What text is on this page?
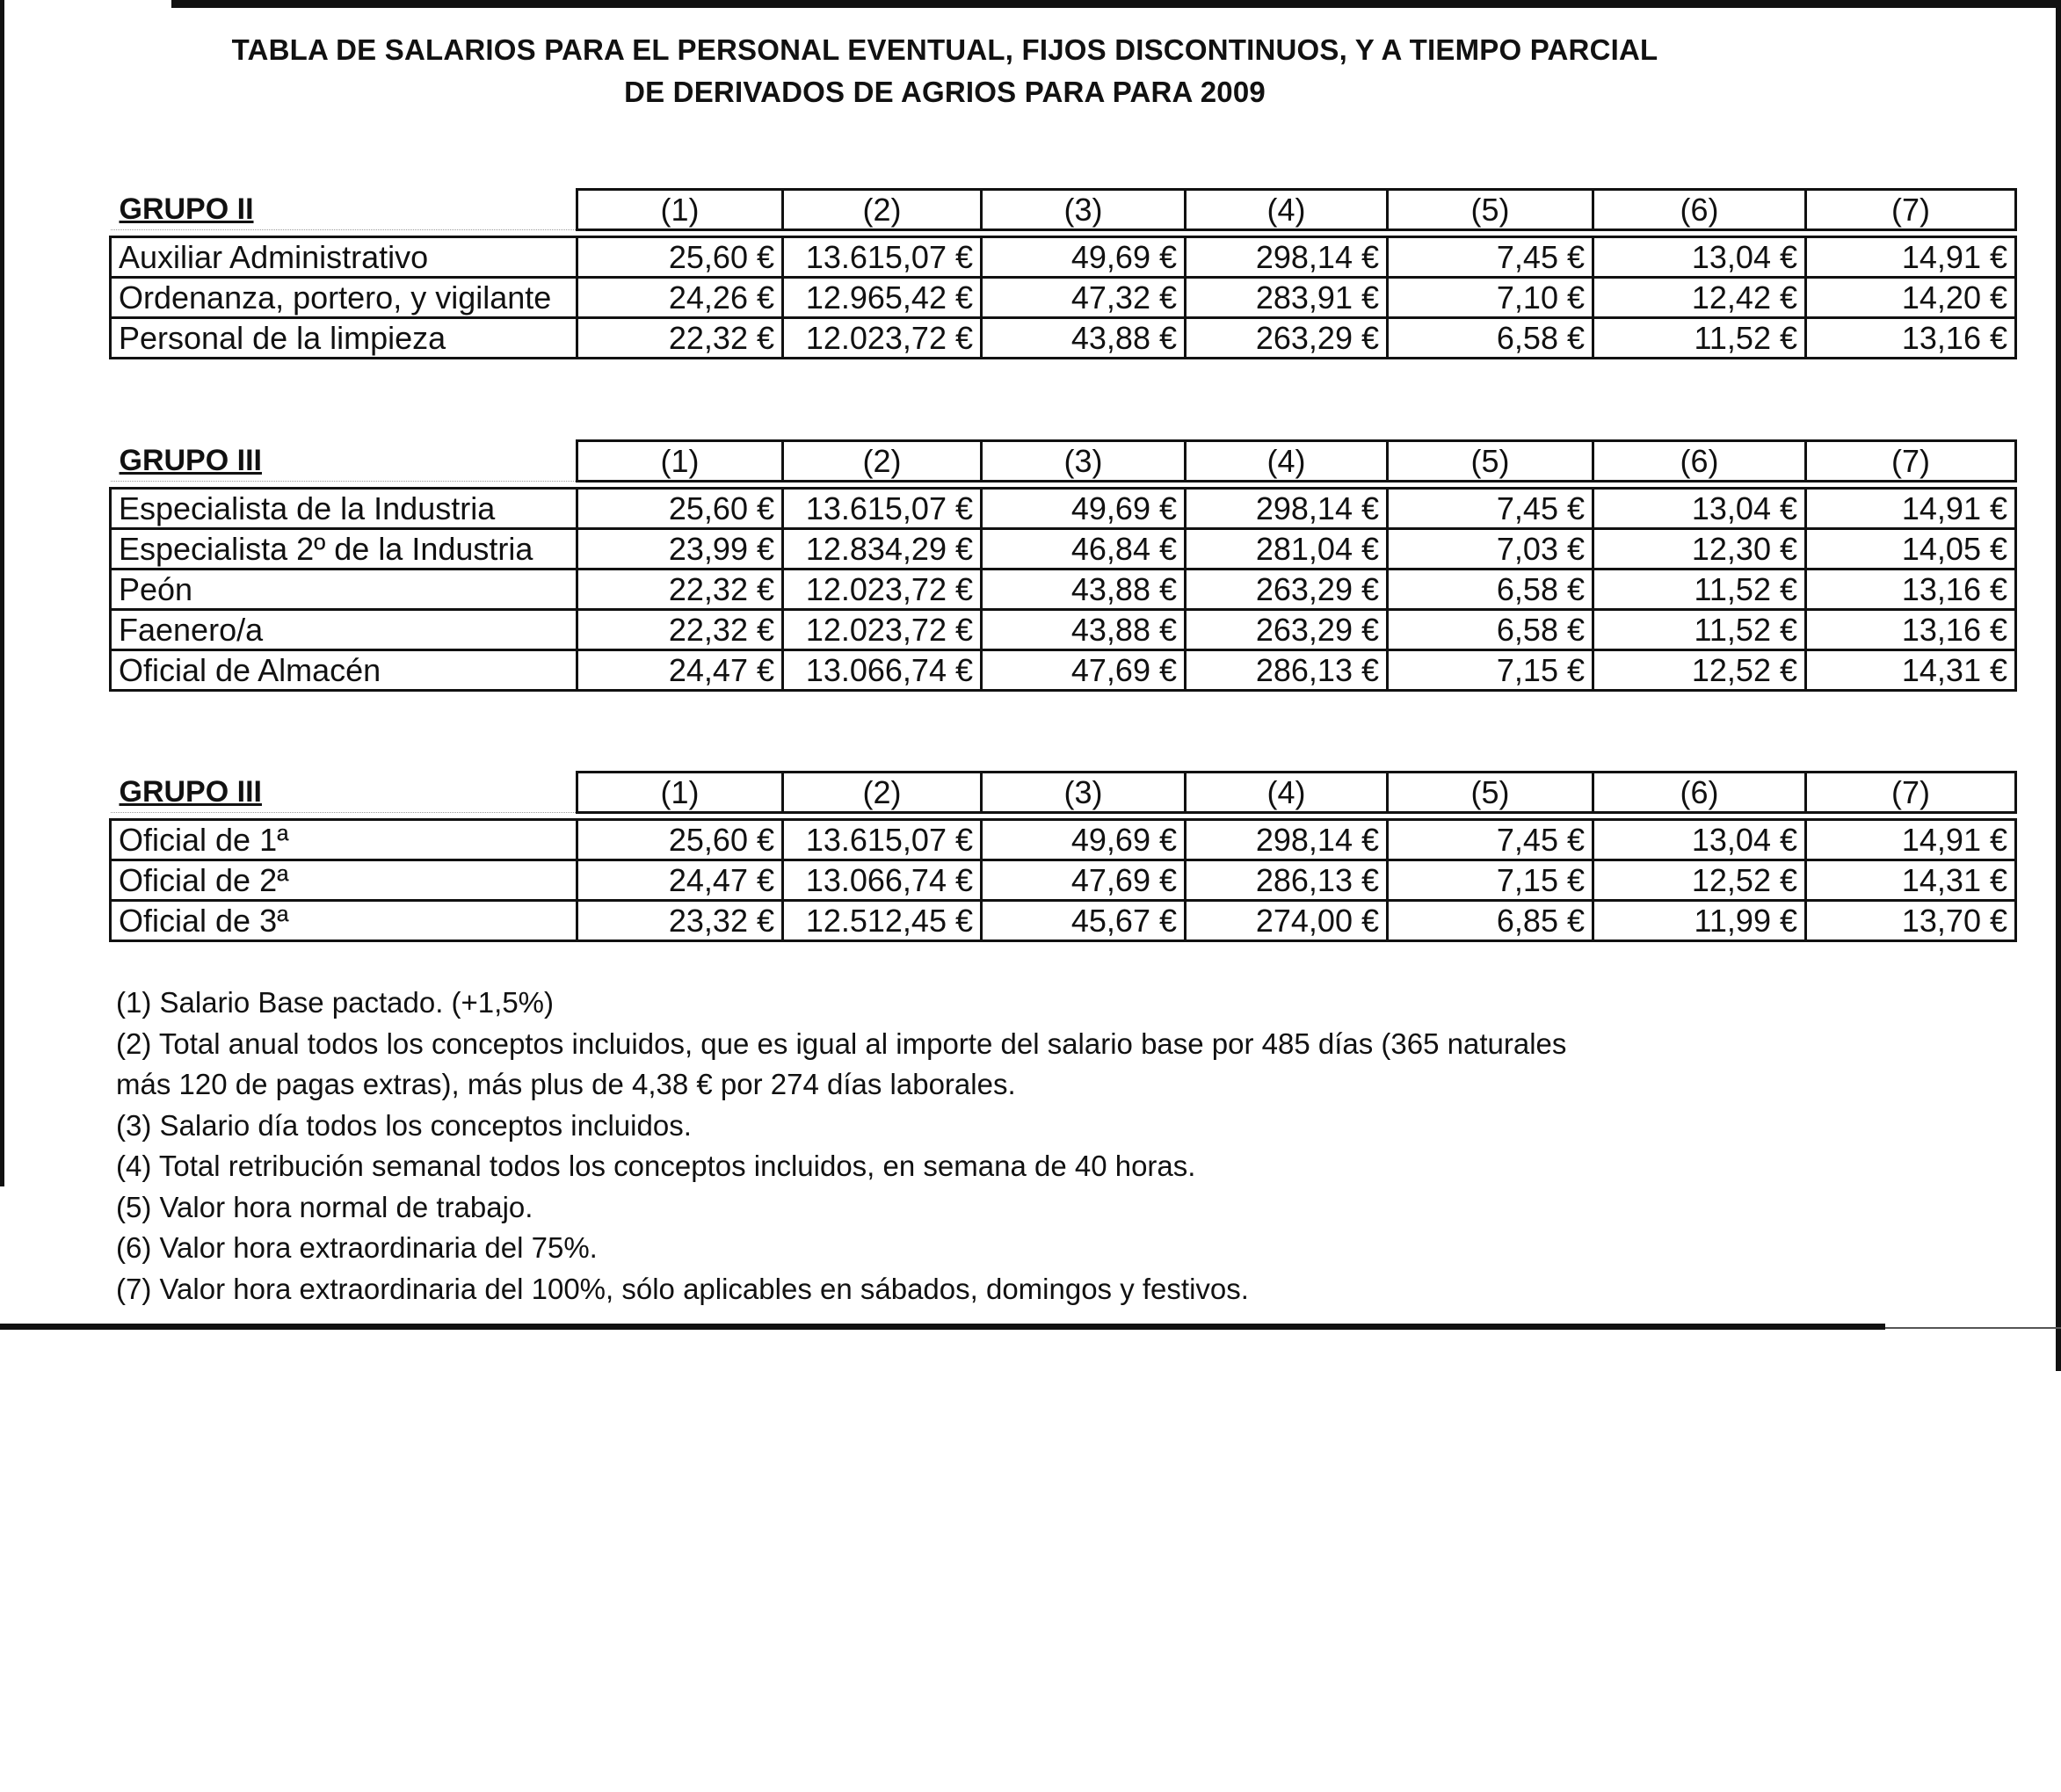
TABLA DE SALARIOS PARA EL PERSONAL EVENTUAL, FIJOS DISCONTINUOS, Y A TIEMPO PARCIAL
DE DERIVADOS DE AGRIOS PARA PARA 2009
GRUPO II	(1)	(2)	(3)	(4)	(5)	(6)	(7)

Auxiliar Administrativo	25,60 €	13.615,07 €	49,69 €	298,14 €	7,45 €	13,04 €	14,91 €
Ordenanza, portero, y vigilante	24,26 €	12.965,42 €	47,32 €	283,91 €	7,10 €	12,42 €	14,20 €
Personal de la limpieza	22,32 €	12.023,72 €	43,88 €	263,29 €	6,58 €	11,52 €	13,16 €
GRUPO III	(1)	(2)	(3)	(4)	(5)	(6)	(7)

Especialista de la Industria	25,60 €	13.615,07 €	49,69 €	298,14 €	7,45 €	13,04 €	14,91 €
Especialista 2º de la Industria	23,99 €	12.834,29 €	46,84 €	281,04 €	7,03 €	12,30 €	14,05 €
Peón	22,32 €	12.023,72 €	43,88 €	263,29 €	6,58 €	11,52 €	13,16 €
Faenero/a	22,32 €	12.023,72 €	43,88 €	263,29 €	6,58 €	11,52 €	13,16 €
Oficial de Almacén	24,47 €	13.066,74 €	47,69 €	286,13 €	7,15 €	12,52 €	14,31 €
GRUPO III	(1)	(2)	(3)	(4)	(5)	(6)	(7)

Oficial de 1ª	25,60 €	13.615,07 €	49,69 €	298,14 €	7,45 €	13,04 €	14,91 €
Oficial de 2ª	24,47 €	13.066,74 €	47,69 €	286,13 €	7,15 €	12,52 €	14,31 €
Oficial de 3ª	23,32 €	12.512,45 €	45,67 €	274,00 €	6,85 €	11,99 €	13,70 €

(1) Salario Base pactado. (+1,5%)

(2) Total anual todos los conceptos incluidos, que es igual al importe del salario base por 485 días (365 naturales

más 120 de pagas extras), más plus de 4,38 € por 274 días laborales.

(3) Salario día todos los conceptos incluidos.

(4) Total retribución semanal todos los conceptos incluidos, en semana de 40 horas.

(5) Valor hora normal de trabajo.

(6) Valor hora extraordinaria del 75%.

(7) Valor hora extraordinaria del 100%, sólo aplicables en sábados, domingos y festivos.
